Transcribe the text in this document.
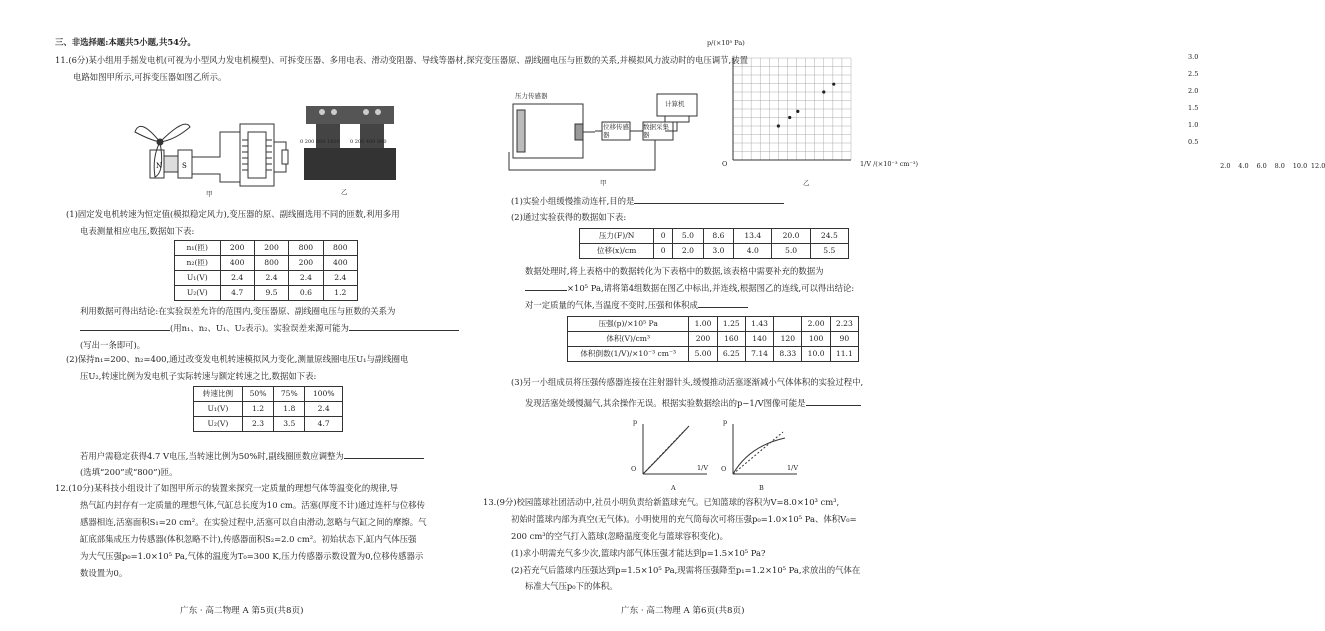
三、非选择题:本题共5小题,共54分。

11.(6分)某小组用手摇发电机(可视为小型风力发电机模型)、可拆变压器、多用电表、滑动变阻器、导线等器材,探究变压器原、副线圈电压与匝数的关系,并模拟风力波动时的电压调节,装置

电路如图甲所示,可拆变压器如图乙所示。

N	S

甲

0 200 800 1600 0 200 400 800

乙

(1)固定发电机转速为恒定值(模拟稳定风力),变压器的原、副线圈选用不同的匝数,利用多用

电表测量相应电压,数据如下表:

n₁(匝)	200	200	800	800
n₂(匝)	400	800	200	400
U₁(V)	2.4	2.4	2.4	2.4
U₂(V)	4.7	9.5	0.6	1.2

利用数据可得出结论:在实验误差允许的范围内,变压器原、副线圈电压与匝数的关系为

(用n₁、n₂、U₁、U₂表示)。实验误差来源可能为

(写出一条即可)。

(2)保持n₁=200、n₂=400,通过改变发电机转速模拟风力变化,测量原线圈电压U₁与副线圈电

压U₂,转速比例为发电机子实际转速与额定转速之比,数据如下表:

转速比例	50%	75%	100%
U₁(V)	1.2	1.8	2.4
U₂(V)	2.3	3.5	4.7

若用户需稳定获得4.7 V电压,当转速比例为50%时,副线圈匝数应调整为

(选填“200”或“800”)匝。

12.(10分)某科技小组设计了如图甲所示的装置来探究一定质量的理想气体等温变化的规律,导

热气缸内封存有一定质量的理想气体,气缸总长度为10 cm。活塞(厚度不计)通过连杆与位移传

感器相连,活塞面积S₁=20 cm²。在实验过程中,活塞可以自由滑动,忽略与气缸之间的摩擦。气

缸底部集成压力传感器(体积忽略不计),传感器面积S₂=2.0 cm²。初始状态下,缸内气体压强

为大气压强p₀=1.0×10⁵ Pa,气体的温度为T₀=300 K,压力传感器示数设置为0,位移传感器示

数设置为0。

广东 · 高二物理 A 第5页(共8页)

压力传感器

位移传感器

数据采集器

计算机

甲

p/(×10⁵ Pa)

0.5
1.0
1.5
2.0
2.5
3.0
2.0 4.0 6.0 8.0 10.0 12.0

O	1/V /(×10⁻³ cm⁻³)

乙

(1)实验小组缓慢推动连杆,目的是

(2)通过实验获得的数据如下表:

压力(F)/N	0	5.0	8.6	13.4	20.0	24.5
位移(x)/cm	0	2.0	3.0	4.0	5.0	5.5

数据处理时,将上表格中的数据转化为下表格中的数据,该表格中需要补充的数据为

×10⁵ Pa,请将第4组数据在图乙中标出,并连线,根据图乙的连线,可以得出结论:

对一定质量的气体,当温度不变时,压强和体积成

压强(p)/×10⁵ Pa	1.00	1.25	1.43		2.00	2.23
体积(V)/cm³	200	160	140	120	100	90
体积倒数(1/V)/×10⁻³ cm⁻³	5.00	6.25	7.14	8.33	10.0	11.1

(3)另一小组成员将压强传感器连接在注射器针头,缓慢推动活塞逐渐减小气体体积的实验过程中,

发现活塞处缓慢漏气,其余操作无误。根据实验数据绘出的p−1/V图像可能是

p

O	1/V

A

p

O	1/V

B

13.(9分)校园篮球社团活动中,社员小明负责给新篮球充气。已知篮球的容积为V=8.0×10³ cm³,

初始时篮球内部为真空(无气体)。小明使用的充气筒每次可将压强p₀=1.0×10⁵ Pa、体积V₀=

200 cm³的空气打入篮球(忽略温度变化与篮球容积变化)。

(1)求小明需充气多少次,篮球内部气体压强才能达到p=1.5×10⁵ Pa?

(2)若充气后篮球内压强达到p=1.5×10⁵ Pa,现需将压强降至p₁=1.2×10⁵ Pa,求放出的气体在

标准大气压p₀下的体积。

广东 · 高二物理 A 第6页(共8页)
